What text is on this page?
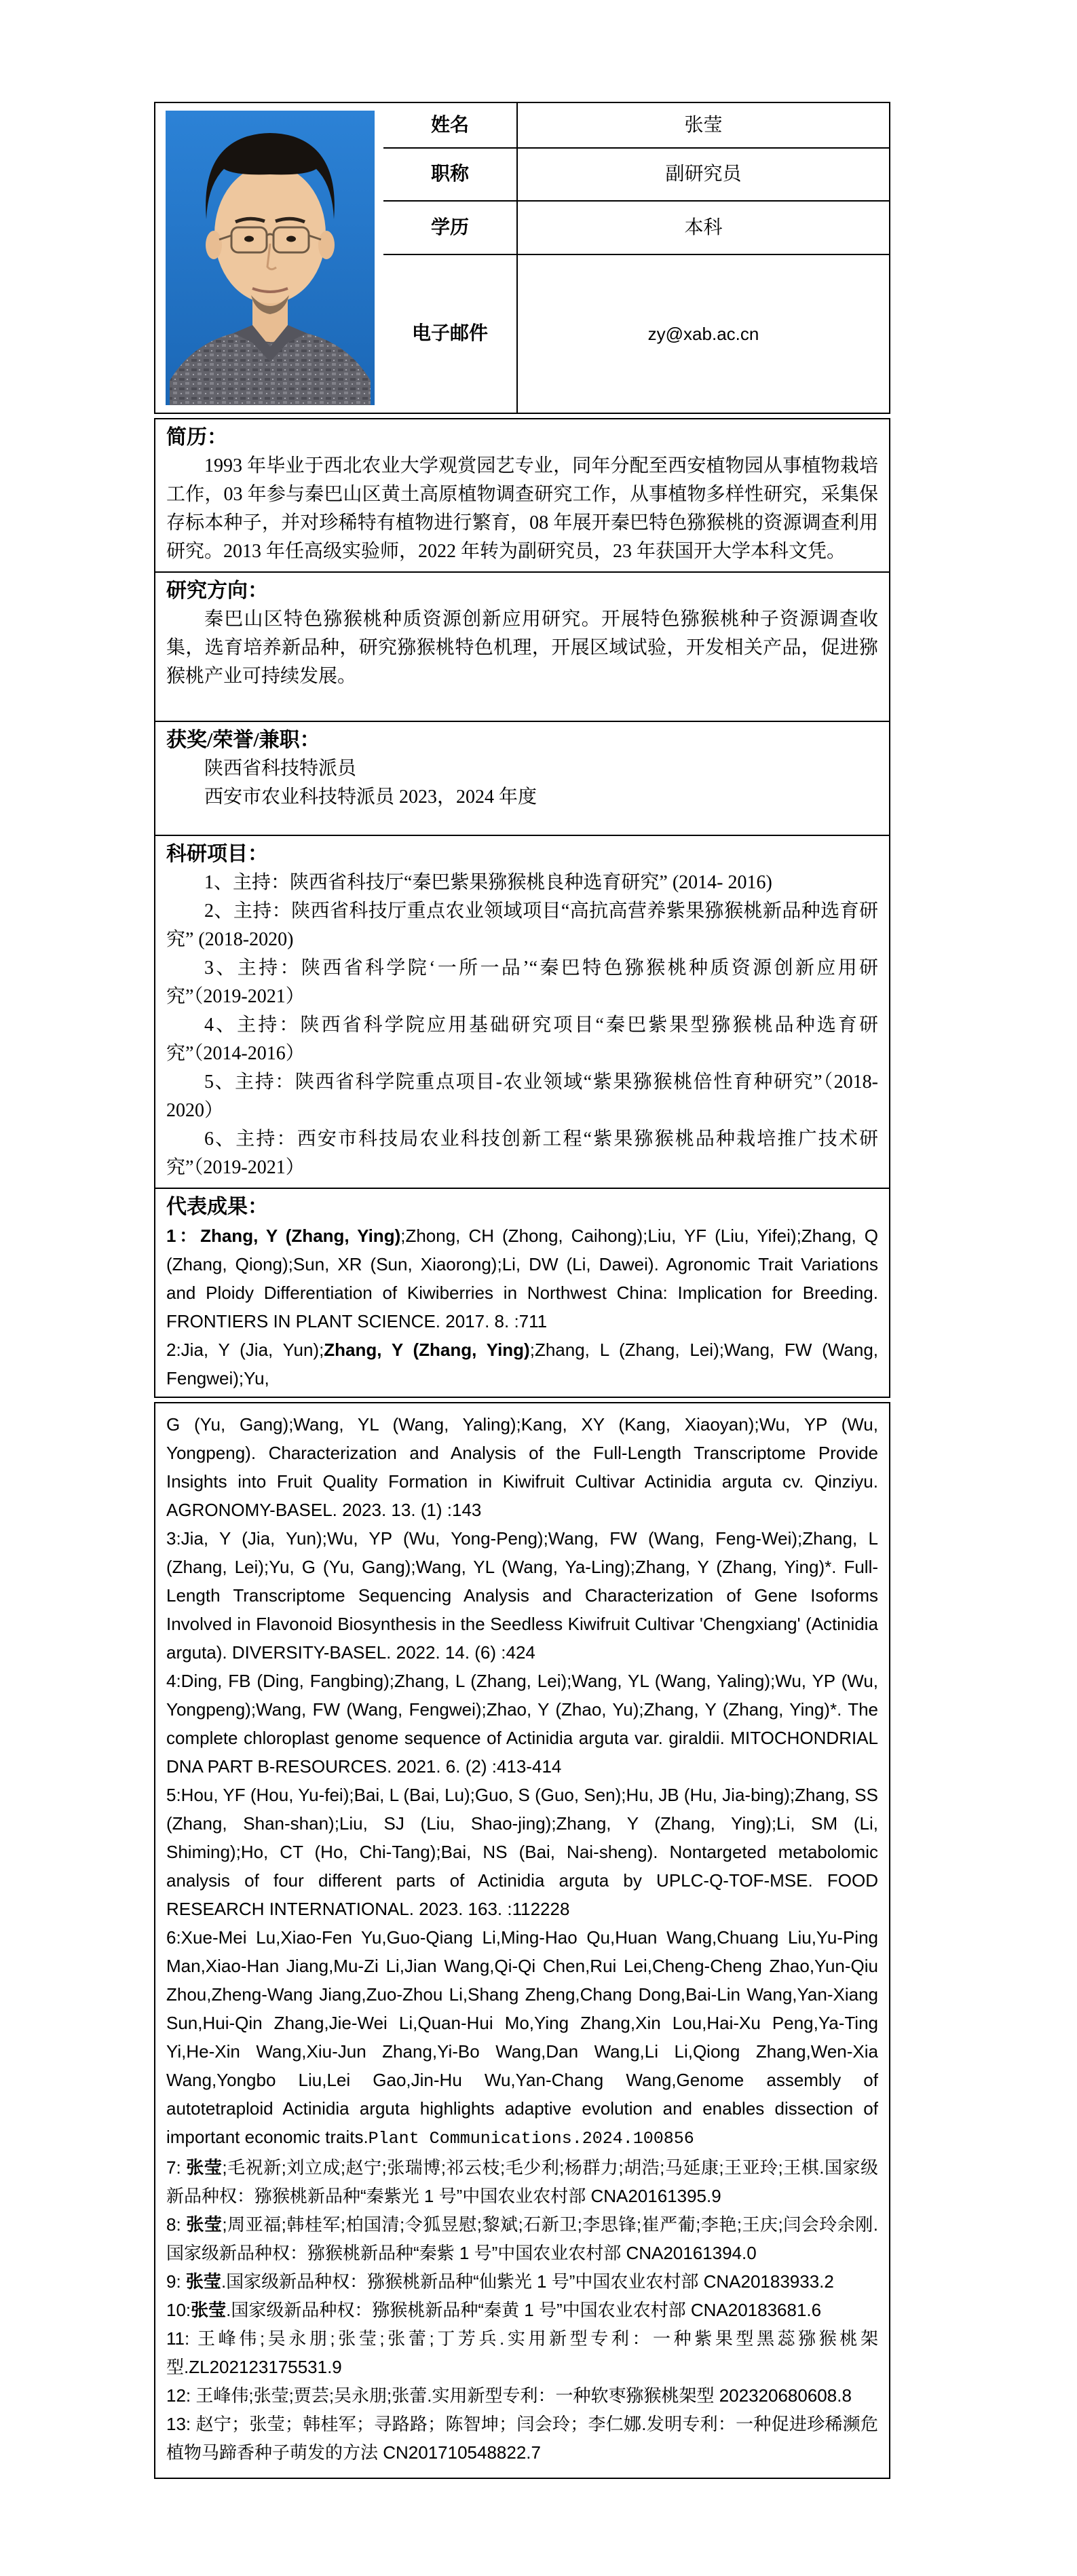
姓名	张莹
职称	副研究员
学历	本科
电子邮件	zy@xab.ac.cn
简历：

1993 年毕业于西北农业大学观赏园艺专业，同年分配至西安植物园从事植物栽培工作，03 年参与秦巴山区黄土高原植物调查研究工作，从事植物多样性研究，采集保存标本种子，并对珍稀特有植物进行繁育，08 年展开秦巴特色猕猴桃的资源调查利用研究。2013 年任高级实验师，2022 年转为副研究员，23 年获国开大学本科文凭。

研究方向：

秦巴山区特色猕猴桃种质资源创新应用研究。开展特色猕猴桃种子资源调查收集，选育培养新品种，研究猕猴桃特色机理，开展区域试验，开发相关产品，促进猕猴桃产业可持续发展。

获奖/荣誉/兼职：
陕西省科技特派员
西安市农业科技特派员 2023，2024 年度
科研项目：
1、主持：陕西省科技厅“秦巴紫果猕猴桃良种选育研究” (2014- 2016)
2、主持：陕西省科技厅重点农业领域项目“高抗高营养紫果猕猴桃新品种选育研究” (2018-2020)
3、主持：陕西省科学院‘一所一品’“秦巴特色猕猴桃种质资源创新应用研究”（2019-2021）
4、主持：陕西省科学院应用基础研究项目“秦巴紫果型猕猴桃品种选育研究”（2014-2016）
5、主持：陕西省科学院重点项目-农业领域“紫果猕猴桃倍性育种研究”（2018-2020）
6、主持：西安市科技局农业科技创新工程“紫果猕猴桃品种栽培推广技术研究”（2019-2021）
代表成果：
1：Zhang, Y (Zhang, Ying);Zhong, CH (Zhong, Caihong);Liu, YF (Liu, Yifei);Zhang, Q (Zhang, Qiong);Sun, XR (Sun, Xiaorong);Li, DW (Li, Dawei). Agronomic Trait Variations and Ploidy Differentiation of Kiwiberries in Northwest China: Implication for Breeding. FRONTIERS IN PLANT SCIENCE. 2017. 8. :711
2:Jia, Y (Jia, Yun);Zhang, Y (Zhang, Ying);Zhang, L (Zhang, Lei);Wang, FW (Wang, Fengwei);Yu,
G (Yu, Gang);Wang, YL (Wang, Yaling);Kang, XY (Kang, Xiaoyan);Wu, YP (Wu, Yongpeng). Characterization and Analysis of the Full-Length Transcriptome Provide Insights into Fruit Quality Formation in Kiwifruit Cultivar Actinidia arguta cv. Qinziyu. AGRONOMY-BASEL. 2023. 13. (1) :143
3:Jia, Y (Jia, Yun);Wu, YP (Wu, Yong-Peng);Wang, FW (Wang, Feng-Wei);Zhang, L (Zhang, Lei);Yu, G (Yu, Gang);Wang, YL (Wang, Ya-Ling);Zhang, Y (Zhang, Ying)*. Full-Length Transcriptome Sequencing Analysis and Characterization of Gene Isoforms Involved in Flavonoid Biosynthesis in the Seedless Kiwifruit Cultivar 'Chengxiang' (Actinidia arguta). DIVERSITY-BASEL. 2022. 14. (6) :424
4:Ding, FB (Ding, Fangbing);Zhang, L (Zhang, Lei);Wang, YL (Wang, Yaling);Wu, YP (Wu, Yongpeng);Wang, FW (Wang, Fengwei);Zhao, Y (Zhao, Yu);Zhang, Y (Zhang, Ying)*. The complete chloroplast genome sequence of Actinidia arguta var. giraldii. MITOCHONDRIAL DNA PART B-RESOURCES. 2021. 6. (2) :413-414
5:Hou, YF (Hou, Yu-fei);Bai, L (Bai, Lu);Guo, S (Guo, Sen);Hu, JB (Hu, Jia-bing);Zhang, SS (Zhang, Shan-shan);Liu, SJ (Liu, Shao-jing);Zhang, Y (Zhang, Ying);Li, SM (Li, Shiming);Ho, CT (Ho, Chi-Tang);Bai, NS (Bai, Nai-sheng). Nontargeted metabolomic analysis of four different parts of Actinidia arguta by UPLC-Q-TOF-MSE. FOOD RESEARCH INTERNATIONAL. 2023. 163. :112228
6:Xue-Mei Lu,Xiao-Fen Yu,Guo-Qiang Li,Ming-Hao Qu,Huan Wang,Chuang Liu,Yu-Ping Man,Xiao-Han Jiang,Mu-Zi Li,Jian Wang,Qi-Qi Chen,Rui Lei,Cheng-Cheng Zhao,Yun-Qiu Zhou,Zheng-Wang Jiang,Zuo-Zhou Li,Shang Zheng,Chang Dong,Bai-Lin Wang,Yan-Xiang Sun,Hui-Qin Zhang,Jie-Wei Li,Quan-Hui Mo,Ying Zhang,Xin Lou,Hai-Xu Peng,Ya-Ting Yi,He-Xin Wang,Xiu-Jun Zhang,Yi-Bo Wang,Dan Wang,Li Li,Qiong Zhang,Wen-Xia Wang,Yongbo Liu,Lei Gao,Jin-Hu Wu,Yan-Chang Wang,Genome assembly of autotetraploid Actinidia arguta highlights adaptive evolution and enables dissection of important economic traits.Plant Communications.2024.100856
7: 张莹;毛祝新;刘立成;赵宁;张瑞博;祁云枝;毛少利;杨群力;胡浩;马延康;王亚玲;王棋.国家级新品种权：猕猴桃新品种“秦紫光 1 号”中国农业农村部 CNA20161395.9
8: 张莹;周亚福;韩桂军;柏国清;令狐昱慰;黎斌;石新卫;李思锋;崔严葡;李艳;王庆;闫会玲余刚.国家级新品种权：猕猴桃新品种“秦紫 1 号”中国农业农村部 CNA20161394.0
9: 张莹.国家级新品种权：猕猴桃新品种“仙紫光 1 号”中国农业农村部 CNA20183933.2
10:张莹.国家级新品种权：猕猴桃新品种“秦黄 1 号”中国农业农村部 CNA20183681.6
11: 王峰伟;吴永朋;张莹;张蕾;丁芳兵.实用新型专利：一种紫果型黑蕊猕猴桃架型.ZL202123175531.9
12: 王峰伟;张莹;贾芸;吴永朋;张蕾.实用新型专利：一种软枣猕猴桃架型 202320680608.8
13: 赵宁；张莹；韩桂军；寻路路；陈智坤；闫会玲；李仁娜.发明专利：一种促进珍稀濒危植物马蹄香种子萌发的方法 CN201710548822.7
